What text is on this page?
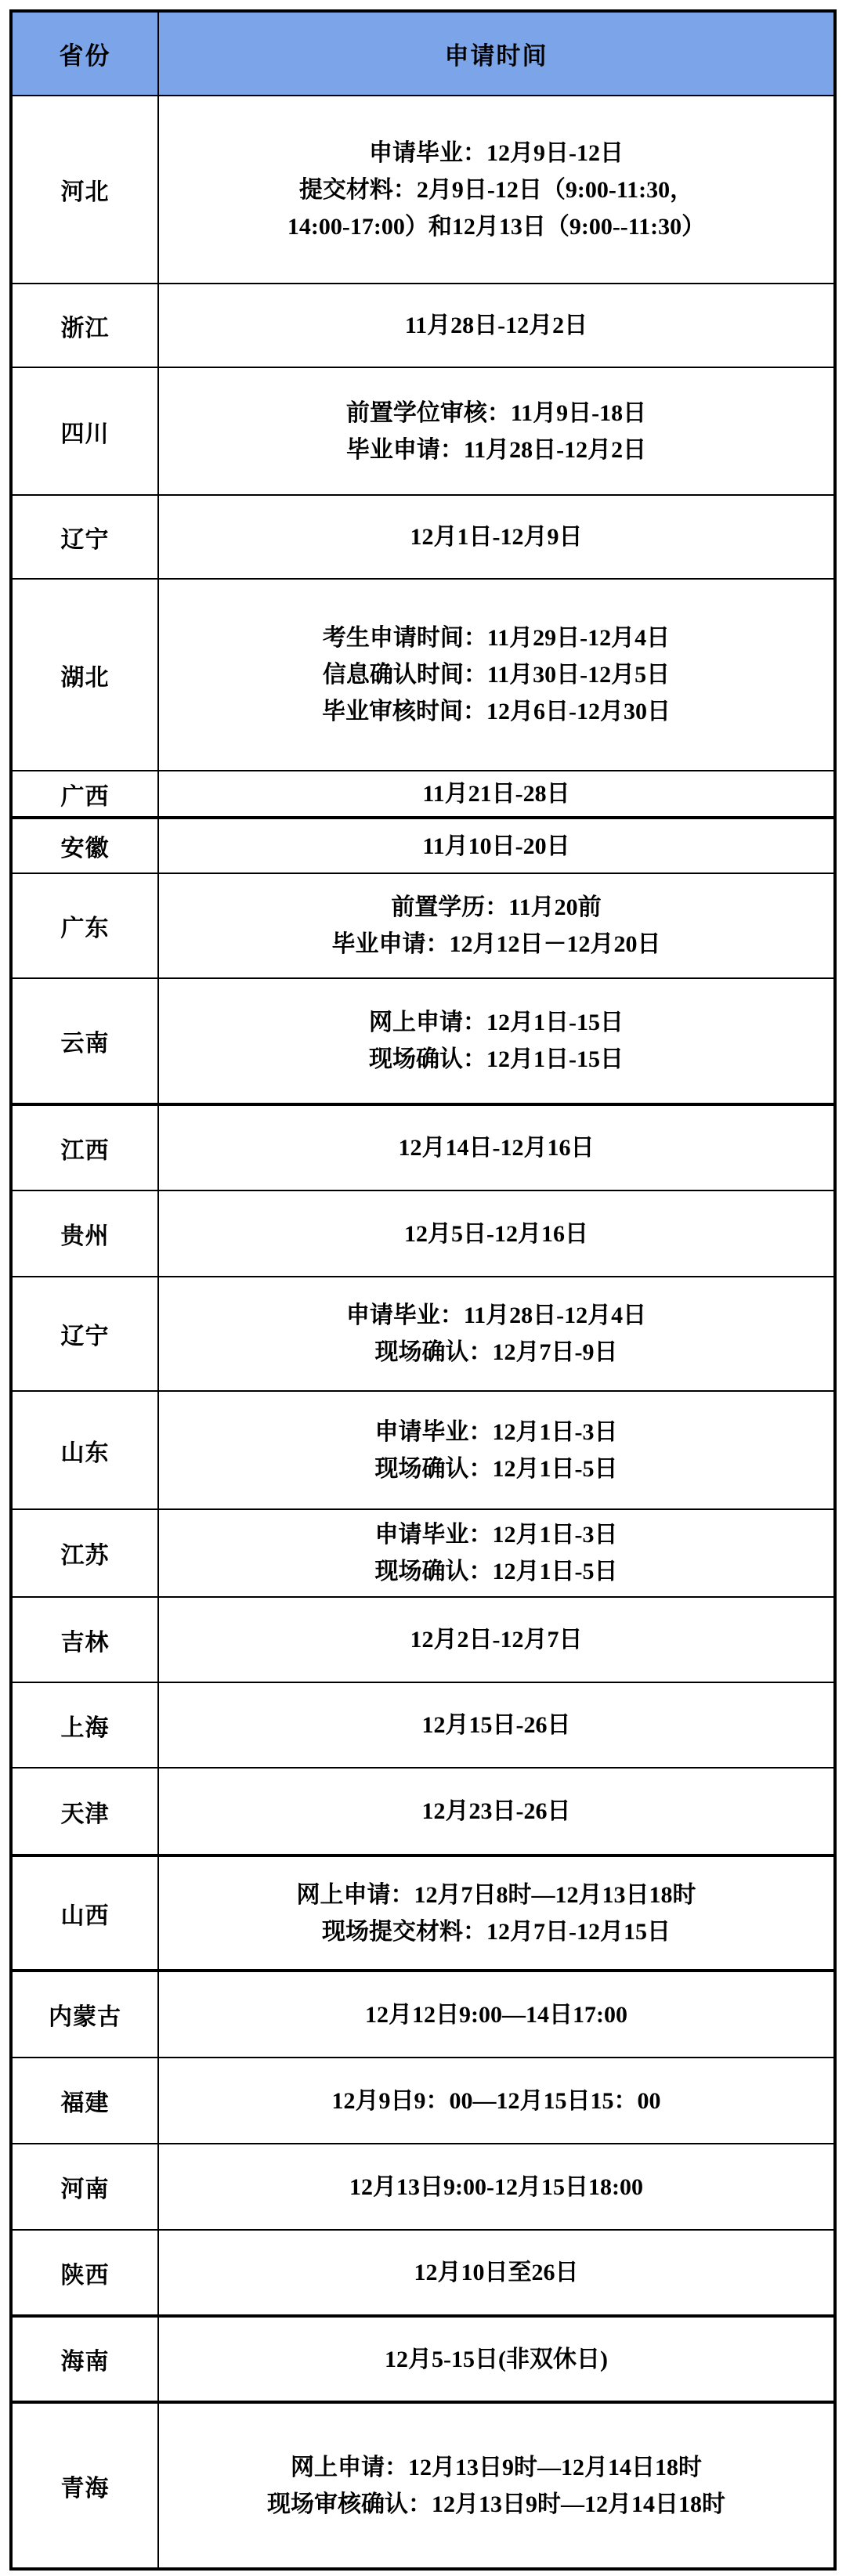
省份	申请时间
河北	申请毕业：12月9日-12日
提交材料：2月9日-12日（9:00-11:30，
14:00-17:00）和12月13日（9:00--11:30）

浙江	11月28日-12月2日

四川	前置学位审核：11月9日-18日
毕业申请：11月28日-12月2日

辽宁	12月1日-12月9日

湖北	考生申请时间：11月29日-12月4日
信息确认时间：11月30日-12月5日
毕业审核时间：12月6日-12月30日

广西	11月21日-28日

安徽	11月10日-20日

广东	前置学历：11月20前
毕业申请：12月12日－12月20日

云南	网上申请：12月1日-15日
现场确认：12月1日-15日

江西	12月14日-12月16日

贵州	12月5日-12月16日

辽宁	申请毕业：11月28日-12月4日
现场确认：12月7日-9日

山东	申请毕业：12月1日-3日
现场确认：12月1日-5日

江苏	申请毕业：12月1日-3日
现场确认：12月1日-5日

吉林	12月2日-12月7日

上海	12月15日-26日

天津	12月23日-26日

山西	网上申请：12月7日8时—12月13日18时
现场提交材料：12月7日-12月15日

内蒙古	12月12日9:00—14日17:00

福建	12月9日9：00—12月15日15：00

河南	12月13日9:00-12月15日18:00

陕西	12月10日至26日

海南	12月5-15日(非双休日)

青海	网上申请：12月13日9时—12月14日18时
现场审核确认：12月13日9时—12月14日18时
